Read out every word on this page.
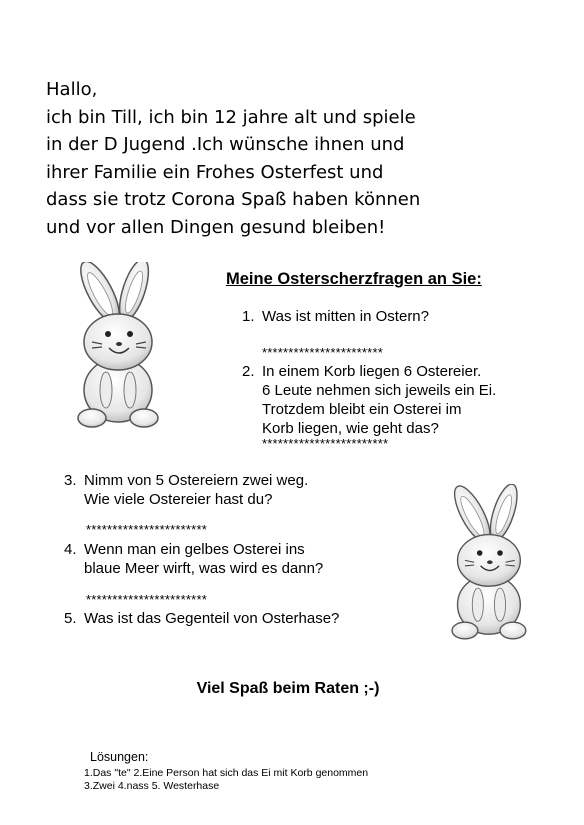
Hallo,
ich bin Till, ich bin 12 jahre alt und spiele
in der D Jugend .Ich wünsche ihnen und
ihrer Familie ein Frohes Osterfest und
dass sie trotz Corona Spaß haben können
und vor allen Dingen gesund bleiben!
Meine Osterscherzfragen an Sie:
1. Was ist mitten in Ostern?
***********************
2. In einem Korb liegen 6 Ostereier.
6 Leute nehmen sich jeweils ein Ei.
Trotzdem bleibt ein Osterei im
Korb liegen, wie geht das?
************************
3. Nimm von 5 Ostereiern zwei weg.
Wie viele Ostereier hast du?
***********************
4. Wenn man ein gelbes Osterei ins
blaue Meer wirft, was wird es dann?
***********************
5. Was ist das Gegenteil von Osterhase?
Viel Spaß beim Raten ;-)
Lösungen:
1.Das "te" 2.Eine Person hat sich das Ei mit Korb genommen
3.Zwei 4.nass 5. Westerhase
